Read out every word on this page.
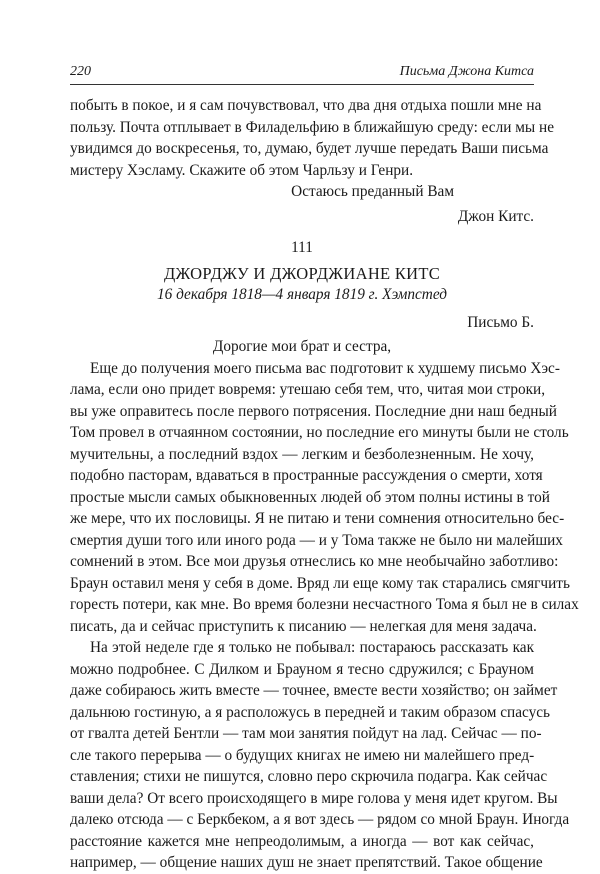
220	Письма Джона Китса
побыть в покое, и я сам почувствовал, что два дня отдыха пошли мне на
пользу. Почта отплывает в Филадельфию в ближайшую среду: если мы не
увидимся до воскресенья, то, думаю, будет лучше передать Ваши письма
мистеру Хэсламу. Скажите об этом Чарльзу и Генри.
Остаюсь преданный Вам
Джон Китс.
111
ДЖОРДЖУ И ДЖОРДЖИАНЕ КИТС
16 декабря 1818—4 января 1819 г. Хэмпстед
Письмо Б.
Дорогие мои брат и сестра,
Еще до получения моего письма вас подготовит к худшему письмо Хэс-
лама, если оно придет вовремя: утешаю себя тем, что, читая мои строки,
вы уже оправитесь после первого потрясения. Последние дни наш бедный
Том провел в отчаянном состоянии, но последние его минуты были не столь
мучительны, а последний вздох — легким и безболезненным. Не хочу,
подобно пасторам, вдаваться в пространные рассуждения о смерти, хотя
простые мысли самых обыкновенных людей об этом полны истины в той
же мере, что их пословицы. Я не питаю и тени сомнения относительно бес-
смертия души того или иного рода — и у Тома также не было ни малейших
сомнений в этом. Все мои друзья отнеслись ко мне необычайно заботливо:
Браун оставил меня у себя в доме. Вряд ли еще кому так старались смягчить
горесть потери, как мне. Во время болезни несчастного Тома я был не в силах
писать, да и сейчас приступить к писанию — нелегкая для меня задача.
На этой неделе где я только не побывал: постараюсь рассказать как
можно подробнее. С Дилком и Брауном я тесно сдружился; с Брауном
даже собираюсь жить вместе — точнее, вместе вести хозяйство; он займет
дальнюю гостиную, а я расположусь в передней и таким образом спасусь
от гвалта детей Бентли — там мои занятия пойдут на лад. Сейчас — по-
сле такого перерыва — о будущих книгах не имею ни малейшего пред-
ставления; стихи не пишутся, словно перо скрючила подагра. Как сейчас
ваши дела? От всего происходящего в мире голова у меня идет кругом. Вы
далеко отсюда — с Беркбеком, а я вот здесь — рядом со мной Браун. Иногда
расстояние кажется мне непреодолимым, а иногда — вот как сейчас,
например, — общение наших душ не знает препятствий. Такое общение
